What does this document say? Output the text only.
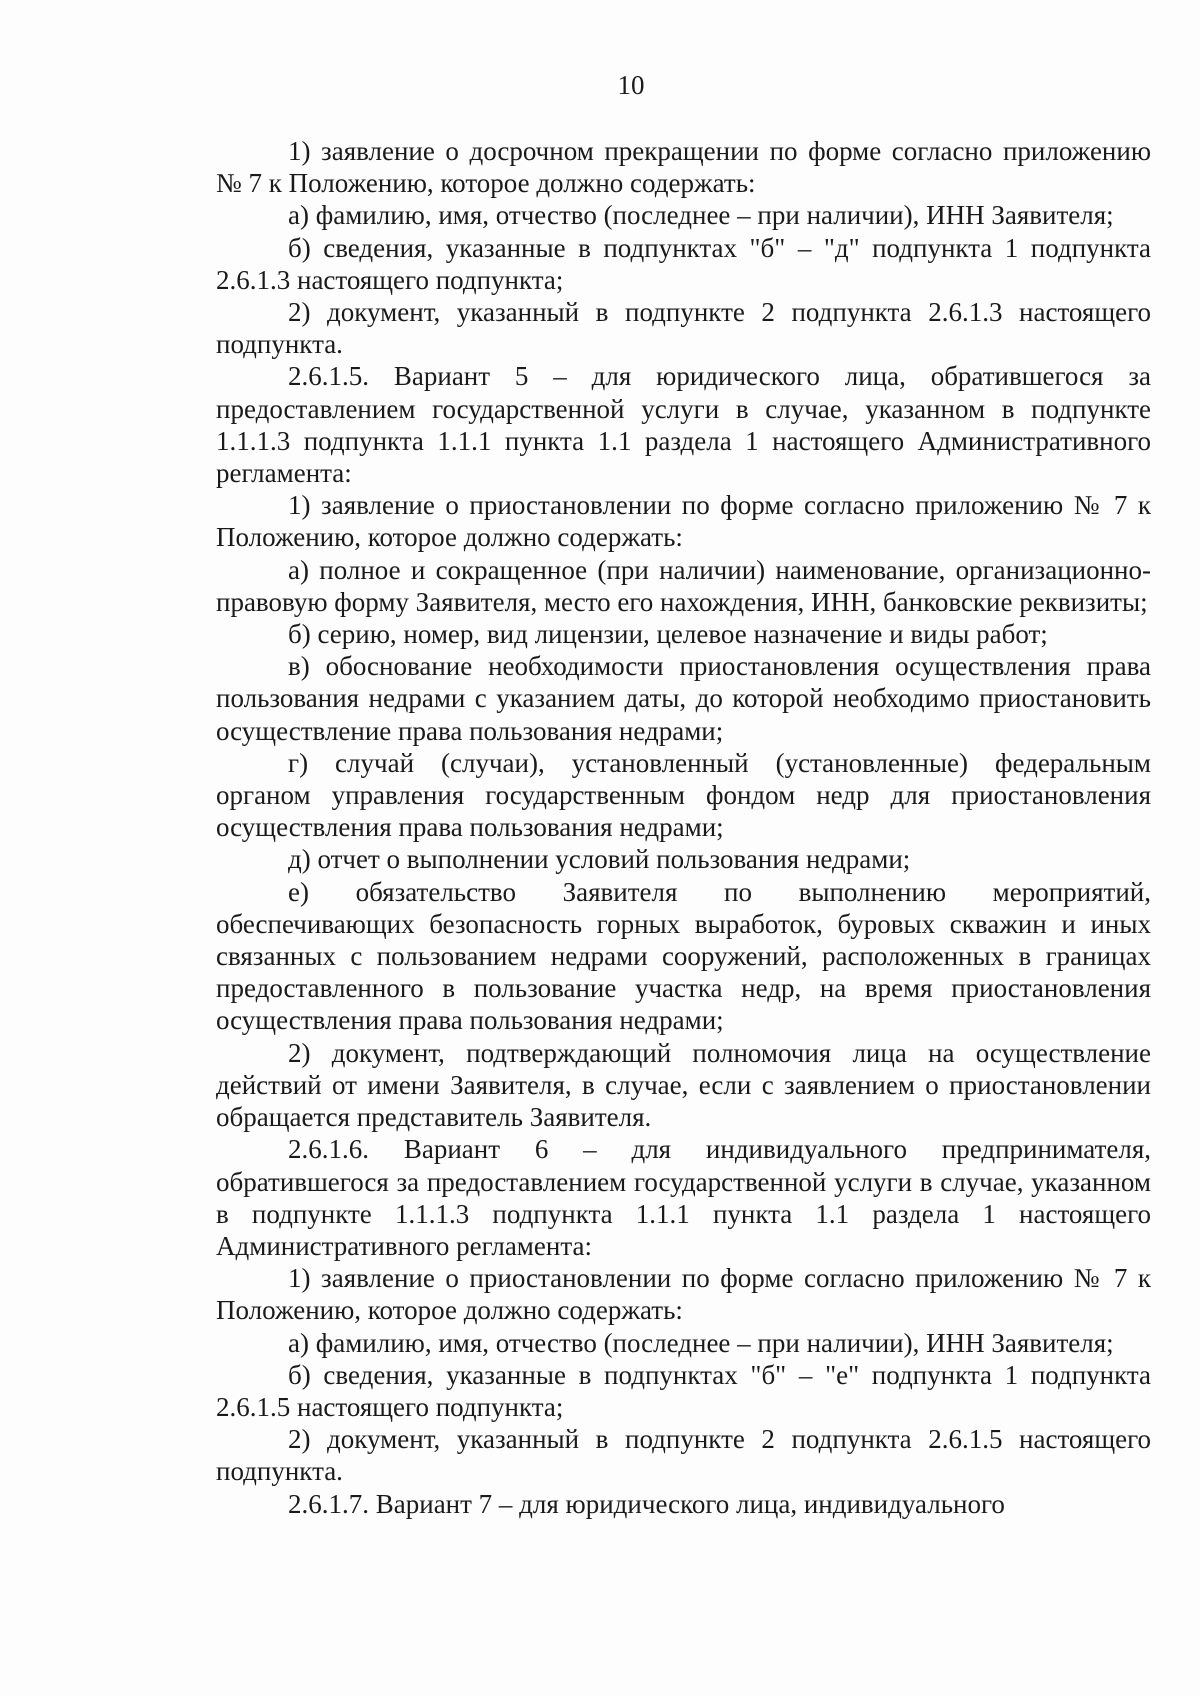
10

1) заявление о досрочном прекращении по форме согласно приложению № 7 к Положению, которое должно содержать:

а) фамилию, имя, отчество (последнее – при наличии), ИНН Заявителя;

б) сведения, указанные в подпунктах "б" – "д" подпункта 1 подпункта 2.6.1.3 настоящего подпункта;

2) документ, указанный в подпункте 2 подпункта 2.6.1.3 настоящего подпункта.

2.6.1.5. Вариант 5 – для юридического лица, обратившегося за предоставлением государственной услуги в случае, указанном в подпункте 1.1.1.3 подпункта 1.1.1 пункта 1.1 раздела 1 настоящего Административного регламента:

1) заявление о приостановлении по форме согласно приложению № 7 к Положению, которое должно содержать:

а) полное и сокращенное (при наличии) наименование, организационно-правовую форму Заявителя, место его нахождения, ИНН, банковские реквизиты;

б) серию, номер, вид лицензии, целевое назначение и виды работ;

в) обоснование необходимости приостановления осуществления права пользования недрами с указанием даты, до которой необходимо приостановить осуществление права пользования недрами;

г) случай (случаи), установленный (установленные) федеральным органом управления государственным фондом недр для приостановления осуществления права пользования недрами;

д) отчет о выполнении условий пользования недрами;

е) обязательство Заявителя по выполнению мероприятий, обеспечивающих безопасность горных выработок, буровых скважин и иных связанных с пользованием недрами сооружений, расположенных в границах предоставленного в пользование участка недр, на время приостановления осуществления права пользования недрами;

2) документ, подтверждающий полномочия лица на осуществление действий от имени Заявителя, в случае, если с заявлением о приостановлении обращается представитель Заявителя.

2.6.1.6. Вариант 6 – для индивидуального предпринимателя, обратившегося за предоставлением государственной услуги в случае, указанном в подпункте 1.1.1.3 подпункта 1.1.1 пункта 1.1 раздела 1 настоящего Административного регламента:

1) заявление о приостановлении по форме согласно приложению № 7 к Положению, которое должно содержать:

а) фамилию, имя, отчество (последнее – при наличии), ИНН Заявителя;

б) сведения, указанные в подпунктах "б" – "е" подпункта 1 подпункта 2.6.1.5 настоящего подпункта;

2) документ, указанный в подпункте 2 подпункта 2.6.1.5 настоящего подпункта.

2.6.1.7. Вариант 7 – для юридического лица, индивидуального
